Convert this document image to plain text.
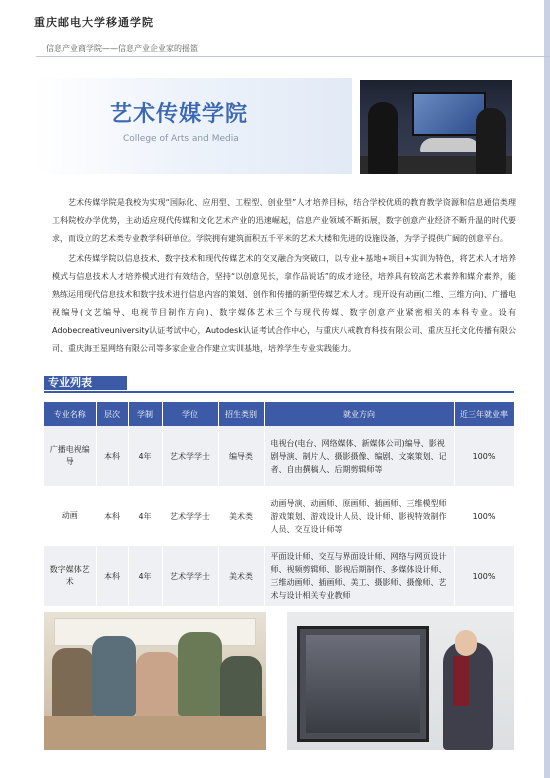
重庆邮电大学移通学院
信息产业商学院——信息产业企业家的摇篮
艺术传媒学院
College of Arts and Media

艺术传媒学院是我校为实现“国际化、应用型、工程型、创业型”人才培养目标，结合学校优质的教育教学资源和信息通信类理工科院校办学优势，主动适应现代传媒和文化艺术产业的迅速崛起，信息产业领域不断拓展，数字创意产业经济不断升温的时代要求，而设立的艺术类专业教学科研单位。学院拥有建筑面积五千平米的艺术大楼和先进的设施设备，为学子提供广阔的创意平台。

艺术传媒学院以信息技术、数字技术和现代传媒艺术的交叉融合为突破口，以专业+基地+项目+实训为特色，将艺术人才培养模式与信息技术人才培养模式进行有效结合，坚持“以创意见长，拿作品说话”的成才途径，培养具有较高艺术素养和媒介素养，能熟练运用现代信息技术和数字技术进行信息内容的策划、创作和传播的新型传媒艺术人才。现开设有动画(二维、三维方向)、广播电视编导(文艺编导、电视节目制作方向)、数字媒体艺术三个与现代传媒、数字创意产业紧密相关的本科专业。设有Adobecreativeuniversity认证考试中心，Autodesk认证考试合作中心，与重庆八戒教育科技有限公司、重庆互托文化传播有限公司、重庆海王星网络有限公司等多家企业合作建立实训基地，培养学生专业实践能力。

专业列表
专业名称	层次	学制	学位	招生类别	就业方向	近三年就业率
广播电视编导	本科	4年	艺术学学士	编导类	电视台(电台、网络媒体、新媒体公司)编导、影视剧导演、制片人、摄影摄像、编剧、文案策划、记者、自由撰稿人、后期剪辑师等	100%
动画	本科	4年	艺术学学士	美术类	动画导演、动画师、原画师、插画师、三维模型师游戏策划、游戏设计人员、设计师、影视特效制作人员、交互设计师等	100%
数字媒体艺术	本科	4年	艺术学学士	美术类	平面设计师、交互与界面设计师、网络与网页设计师、视频剪辑师、影视后期制作、多媒体设计师、三维动画师、插画师、美工、摄影师、摄像师、艺术与设计相关专业教师	100%
